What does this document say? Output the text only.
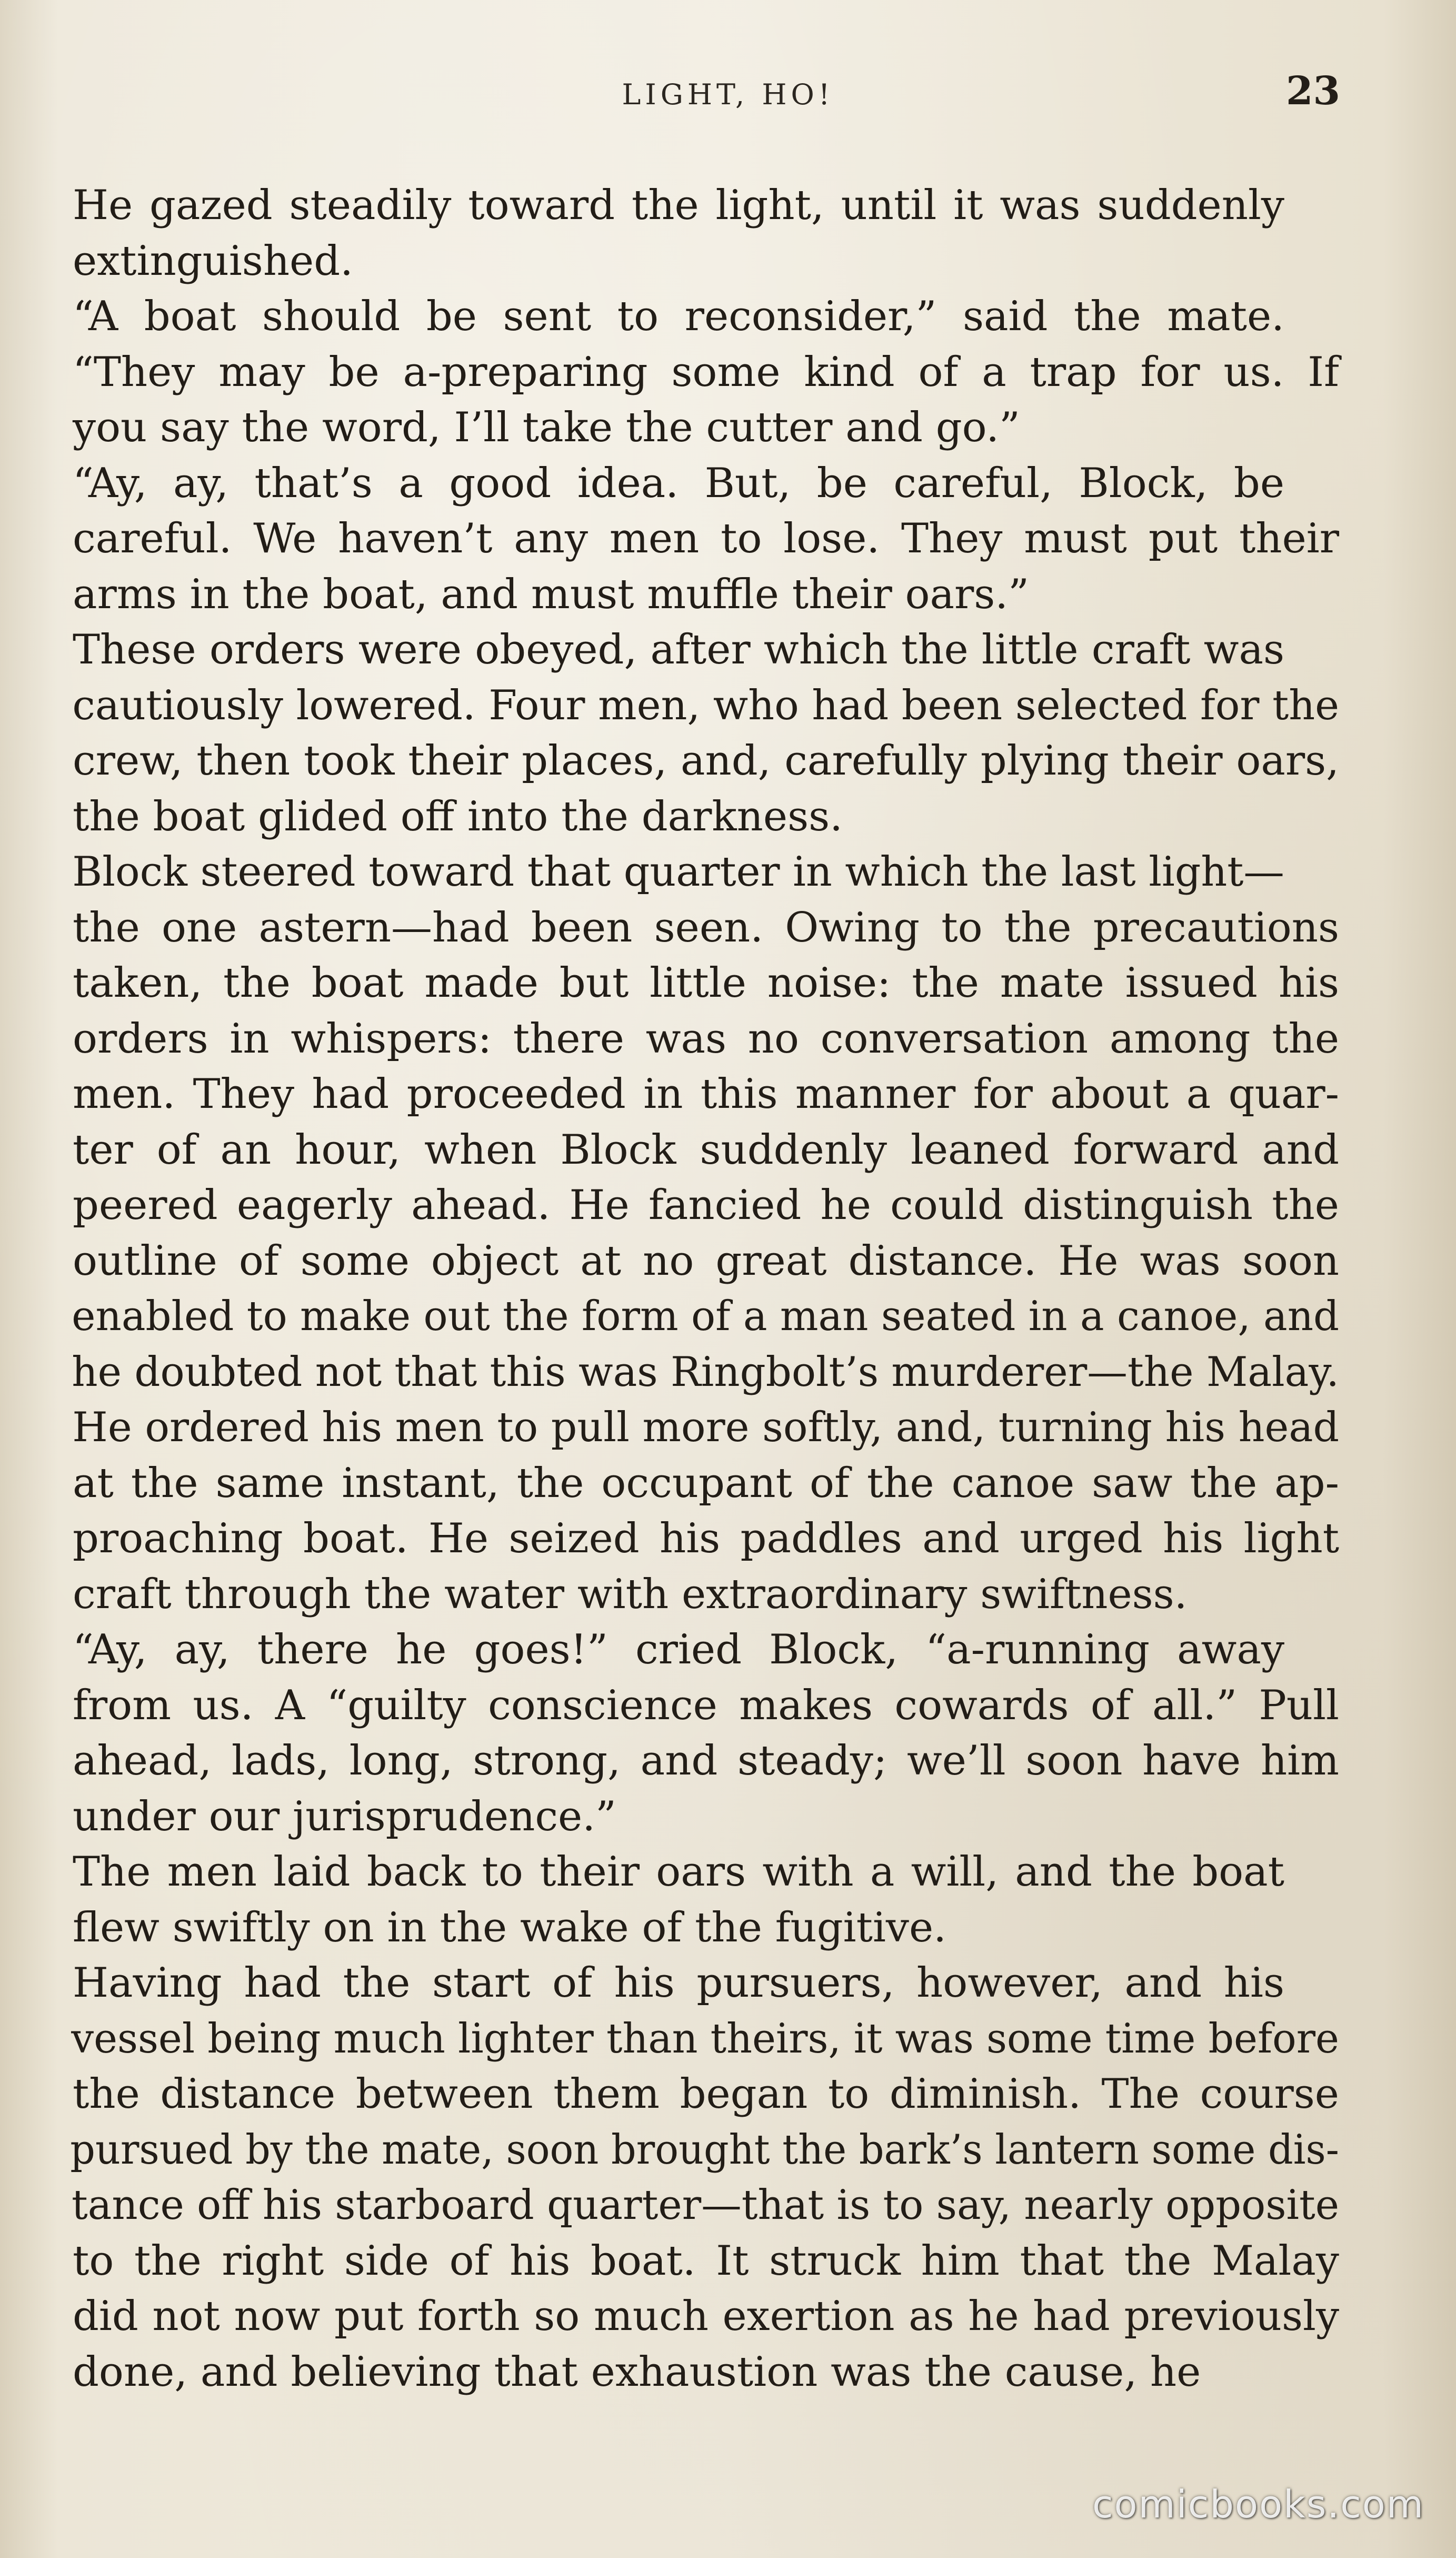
LIGHT, HO!	23

He gazed steadily toward the light, until it was suddenly
extinguished.

“A boat should be sent to reconsider,” said the mate.
“They may be a-preparing some kind of a trap for us. If
you say the word, I’ll take the cutter and go.”

“Ay, ay, that’s a good idea. But, be careful, Block, be
careful. We haven’t any men to lose. They must put their
arms in the boat, and must muffle their oars.”

These orders were obeyed, after which the little craft was
cautiously lowered. Four men, who had been selected for the
crew, then took their places, and, carefully plying their oars,
the boat glided off into the darkness.

Block steered toward that quarter in which the last light—
the one astern—had been seen. Owing to the precautions
taken, the boat made but little noise: the mate issued his
orders in whispers: there was no conversation among the
men. They had proceeded in this manner for about a quar-
ter of an hour, when Block suddenly leaned forward and
peered eagerly ahead. He fancied he could distinguish the
outline of some object at no great distance. He was soon
enabled to make out the form of a man seated in a canoe, and
he doubted not that this was Ringbolt’s murderer—the Malay.
He ordered his men to pull more softly, and, turning his head
at the same instant, the occupant of the canoe saw the ap-
proaching boat. He seized his paddles and urged his light
craft through the water with extraordinary swiftness.

“Ay, ay, there he goes!” cried Block, “a-running away
from us. A “guilty conscience makes cowards of all.” Pull
ahead, lads, long, strong, and steady; we’ll soon have him
under our jurisprudence.”

The men laid back to their oars with a will, and the boat
flew swiftly on in the wake of the fugitive.

Having had the start of his pursuers, however, and his
vessel being much lighter than theirs, it was some time before
the distance between them began to diminish. The course
pursued by the mate, soon brought the bark’s lantern some dis-
tance off his starboard quarter—that is to say, nearly opposite
to the right side of his boat. It struck him that the Malay
did not now put forth so much exertion as he had previously
done, and believing that exhaustion was the cause, he

comicbooks.com
